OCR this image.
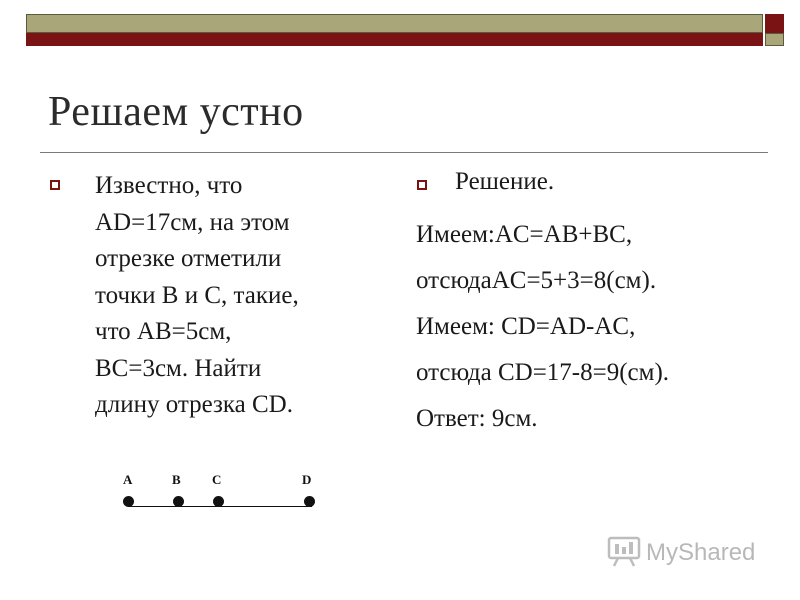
Решаем устно
Известно, что
AD=17см, на этом
отрезке отметили
точки B и C, такие,
что AB=5см,
BC=3см. Найти
длину отрезка CD.
Решение.
Имеем:AC=AB+BC,
отсюдаAC=5+3=8(см).
Имеем: CD=AD-AC,
отсюда CD=17-8=9(см).
Ответ: 9см.
A	B C	D
MyShared
